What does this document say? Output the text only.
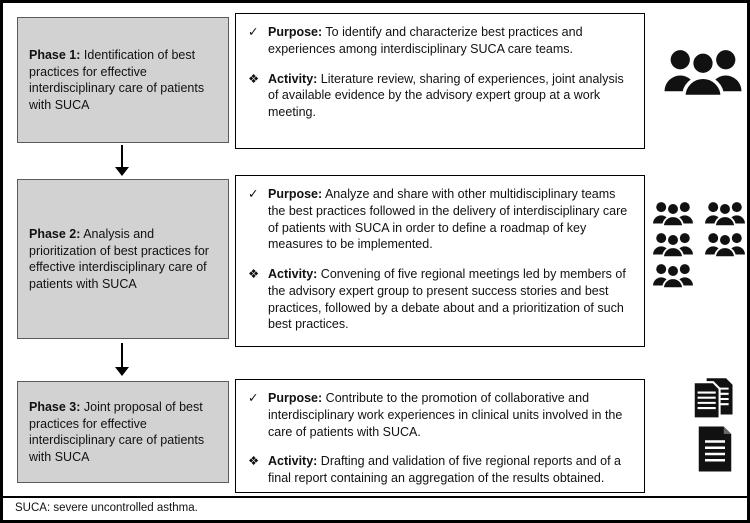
Phase 1: Identification of best practices for effective interdisciplinary care of patients with SUCA
✓ Purpose: To identify and characterize best practices and experiences among interdisciplinary SUCA care teams.
❖ Activity: Literature review, sharing of experiences, joint analysis of available evidence by the advisory expert group at a work meeting.
Phase 2: Analysis and prioritization of best practices for effective interdisciplinary care of patients with SUCA
✓ Purpose: Analyze and share with other multidisciplinary teams the best practices followed in the delivery of interdisciplinary care of patients with SUCA in order to define a roadmap of key measures to be implemented.
❖ Activity: Convening of five regional meetings led by members of the advisory expert group to present success stories and best practices, followed by a debate about and a prioritization of such best practices.
Phase 3: Joint proposal of best practices for effective interdisciplinary care of patients with SUCA
✓ Purpose: Contribute to the promotion of collaborative and interdisciplinary work experiences in clinical units involved in the care of patients with SUCA.
❖ Activity: Drafting and validation of five regional reports and of a final report containing an aggregation of the results obtained.
SUCA: severe uncontrolled asthma.
